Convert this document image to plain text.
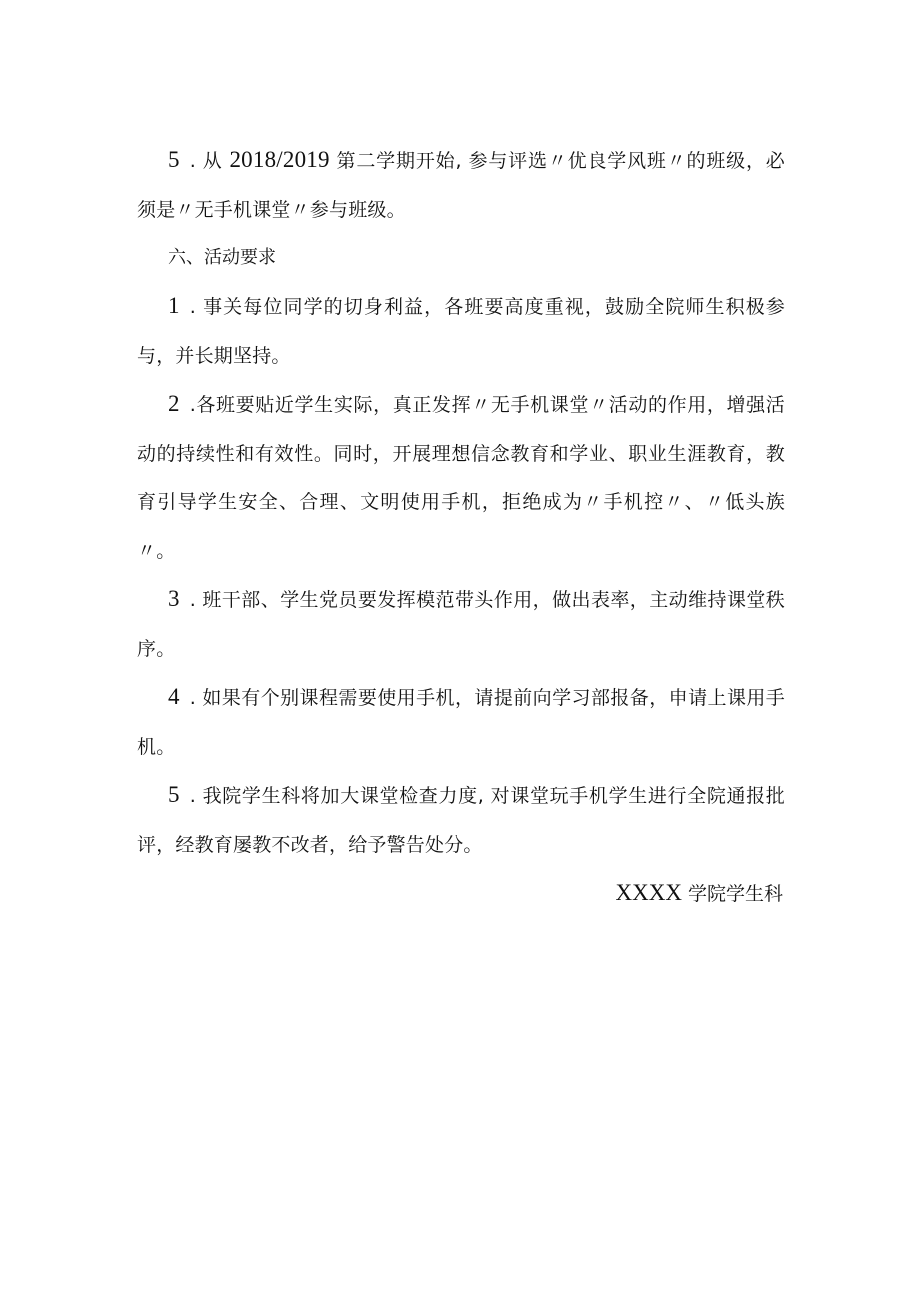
5 . 从 2018/2019 第二学期开始, 参与评选〃优良学风班〃的班级，必须是〃无手机课堂〃参与班级。

六、活动要求

1 . 事关每位同学的切身利益，各班要高度重视，鼓励全院师生积极参与，并长期坚持。

2 .各班要贴近学生实际，真正发挥〃无手机课堂〃活动的作用，增强活动的持续性和有效性。同时，开展理想信念教育和学业、职业生涯教育，教育引导学生安全、合理、文明使用手机，拒绝成为〃手机控〃、〃低头族〃。

3 . 班干部、学生党员要发挥模范带头作用，做出表率，主动维持课堂秩序。

4 . 如果有个别课程需要使用手机，请提前向学习部报备，申请上课用手机。

5 . 我院学生科将加大课堂检查力度, 对课堂玩手机学生进行全院通报批评，经教育屡教不改者，给予警告处分。

XXXX 学院学生科
